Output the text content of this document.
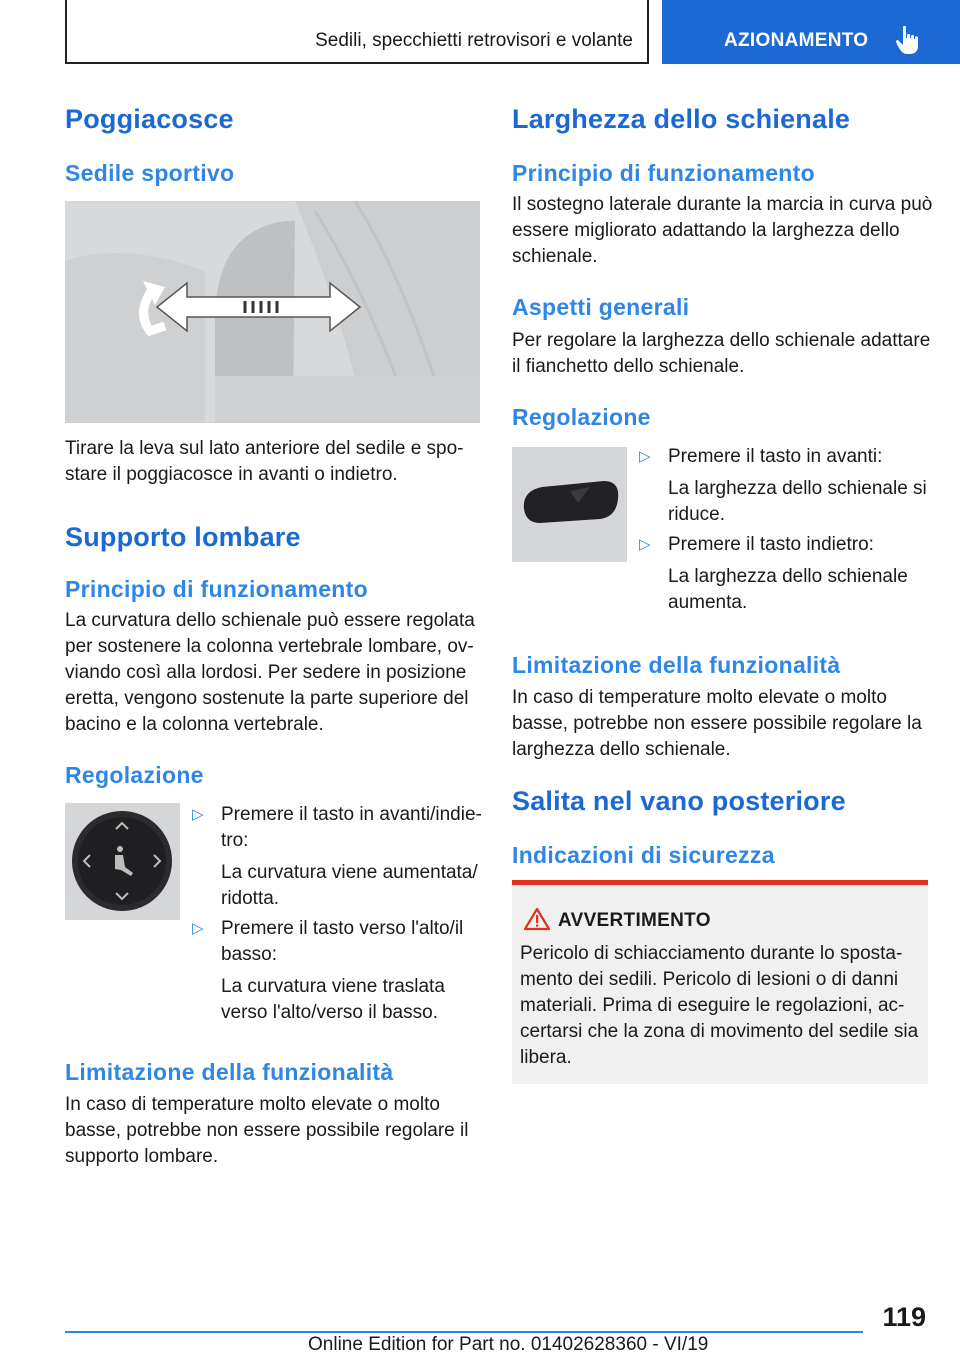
Sedili, specchietti retrovisori e volante	AZIONAMENTO
Poggiacosce
Sedile sportivo
Tirare la leva sul lato anteriore del sedile e spo-
stare il poggiacosce in avanti o indietro.
Supporto lombare
Principio di funzionamento
La curvatura dello schienale può essere regolata
per sostenere la colonna vertebrale lombare, ov-
viando così alla lordosi. Per sedere in posizione
eretta, vengono sostenute la parte superiore del
bacino e la colonna vertebrale.
Regolazione
▷ Premere il tasto in avanti/indie-
tro:
La curvatura viene aumentata/
ridotta.
▷ Premere il tasto verso l'alto/il
basso:
La curvatura viene traslata
verso l'alto/verso il basso.
Limitazione della funzionalità
In caso di temperature molto elevate o molto
basse, potrebbe non essere possibile regolare il
supporto lombare.
Larghezza dello schienale
Principio di funzionamento
Il sostegno laterale durante la marcia in curva può
essere migliorato adattando la larghezza dello
schienale.
Aspetti generali
Per regolare la larghezza dello schienale adattare
il fianchetto dello schienale.
Regolazione
▷ Premere il tasto in avanti:
La larghezza dello schienale si
riduce.
▷ Premere il tasto indietro:
La larghezza dello schienale
aumenta.
Limitazione della funzionalità
In caso di temperature molto elevate o molto
basse, potrebbe non essere possibile regolare la
larghezza dello schienale.
Salita nel vano posteriore
Indicazioni di sicurezza
AVVERTIMENTO
Pericolo di schiacciamento durante lo sposta-
mento dei sedili. Pericolo di lesioni o di danni
materiali. Prima di eseguire le regolazioni, ac-
certarsi che la zona di movimento del sedile sia
libera.
119
Online Edition for Part no. 01402628360 - VI/19
